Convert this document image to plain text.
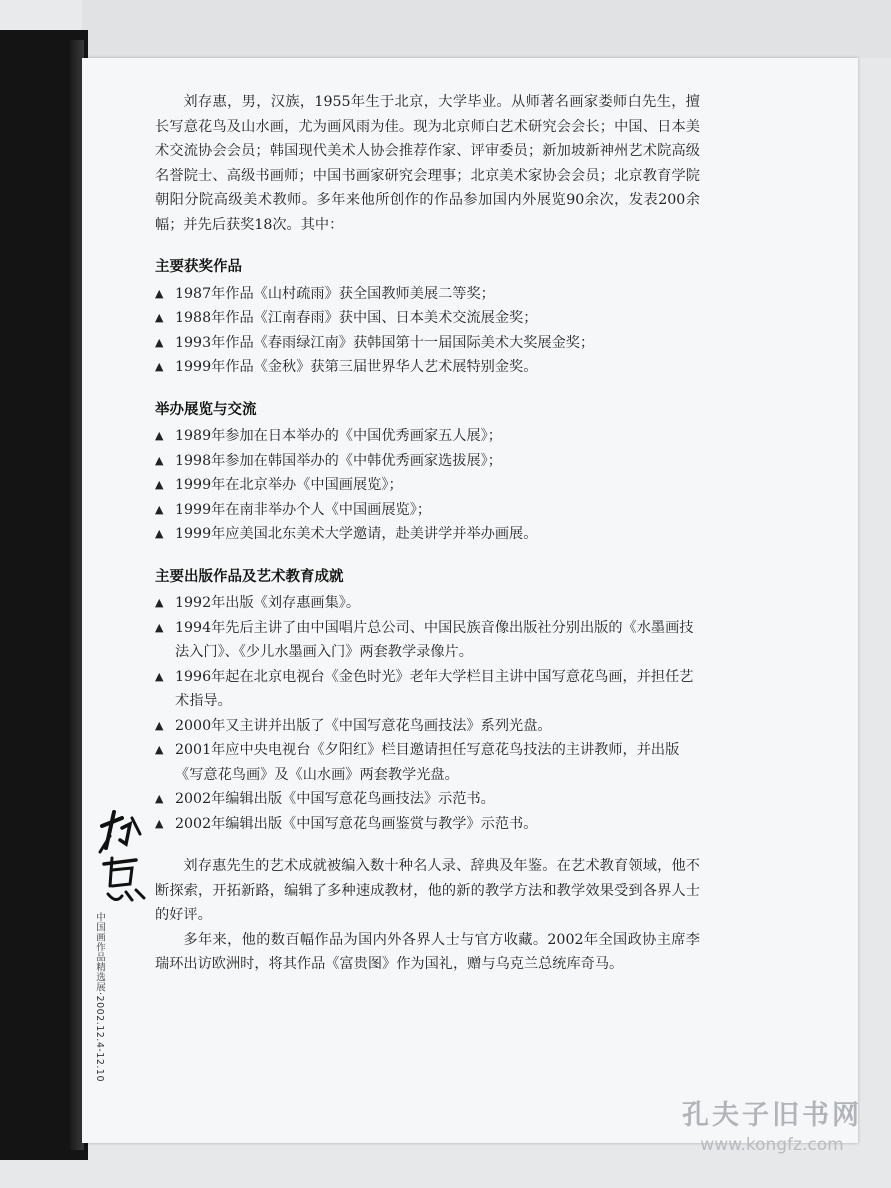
刘存惠，男，汉族，1955年生于北京，大学毕业。从师著名画家娄师白先生，擅长写意花鸟及山水画，尤为画风雨为佳。现为北京师白艺术研究会会长；中国、日本美术交流协会会员；韩国现代美术人协会推荐作家、评审委员；新加坡新神州艺术院高级名誉院士、高级书画师；中国书画家研究会理事；北京美术家协会会员；北京教育学院朝阳分院高级美术教师。多年来他所创作的作品参加国内外展览90余次，发表200余幅；并先后获奖18次。其中：

主要获奖作品
▲ 1987年作品《山村疏雨》获全国教师美展二等奖；
▲ 1988年作品《江南春雨》获中国、日本美术交流展金奖；
▲ 1993年作品《春雨绿江南》获韩国第十一届国际美术大奖展金奖；
▲ 1999年作品《金秋》获第三届世界华人艺术展特别金奖。
举办展览与交流
▲ 1989年参加在日本举办的《中国优秀画家五人展》；
▲ 1998年参加在韩国举办的《中韩优秀画家选拔展》；
▲ 1999年在北京举办《中国画展览》；
▲ 1999年在南非举办个人《中国画展览》；
▲ 1999年应美国北东美术大学邀请，赴美讲学并举办画展。
主要出版作品及艺术教育成就
▲ 1992年出版《刘存惠画集》。
▲ 1994年先后主讲了由中国唱片总公司、中国民族音像出版社分别出版的《水墨画技法入门》、《少儿水墨画入门》两套教学录像片。
▲ 1996年起在北京电视台《金色时光》老年大学栏目主讲中国写意花鸟画，并担任艺术指导。
▲ 2000年又主讲并出版了《中国写意花鸟画技法》系列光盘。
▲ 2001年应中央电视台《夕阳红》栏目邀请担任写意花鸟技法的主讲教师，并出版《写意花鸟画》及《山水画》两套教学光盘。
▲ 2002年编辑出版《中国写意花鸟画技法》示范书。
▲ 2002年编辑出版《中国写意花鸟画鉴赏与教学》示范书。

刘存惠先生的艺术成就被编入数十种名人录、辞典及年鉴。在艺术教育领域，他不断探索，开拓新路，编辑了多种速成教材，他的新的教学方法和教学效果受到各界人士的好评。

多年来，他的数百幅作品为国内外各界人士与官方收藏。2002年全国政协主席李瑞环出访欧洲时，将其作品《富贵图》作为国礼，赠与乌克兰总统库奇马。

中国画作品精选展·2002.12.4-12.10
孔夫子旧书网
www.kongfz.com
